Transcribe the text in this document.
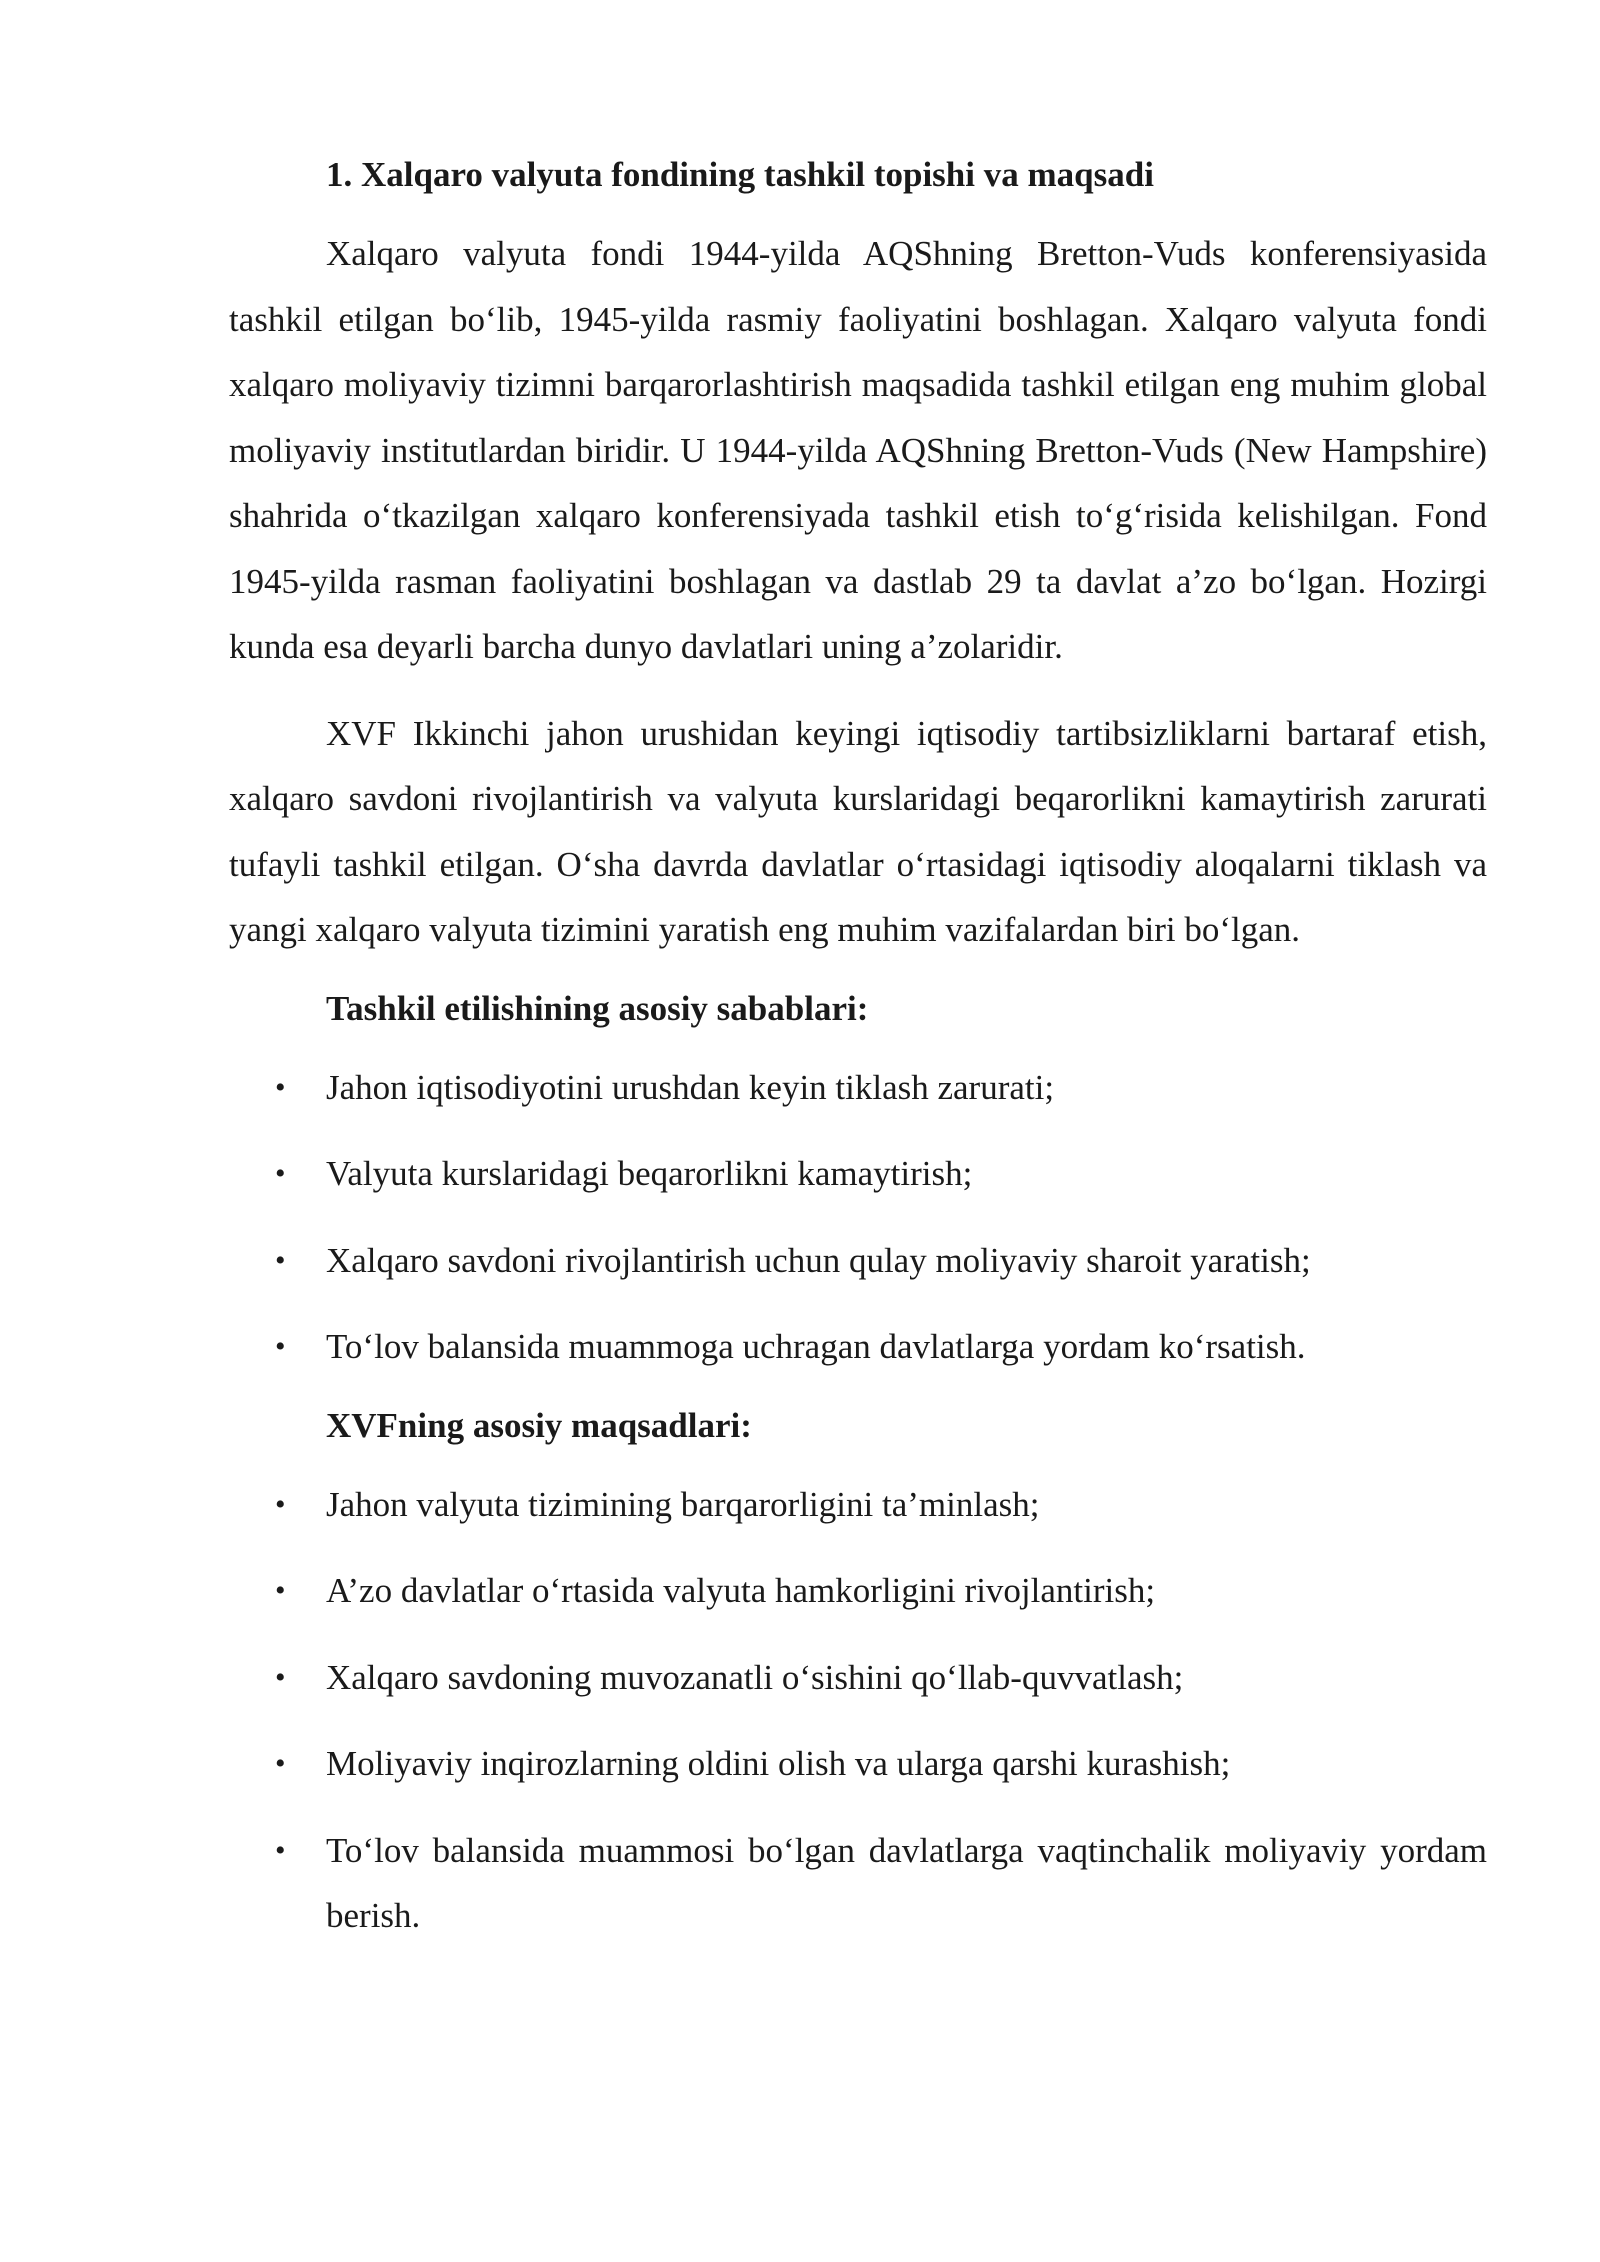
1. Xalqaro valyuta fondining tashkil topishi va maqsadi

Xalqaro valyuta fondi 1944-yilda AQShning Bretton-Vuds konferensiyasida tashkil etilgan bo‘lib, 1945-yilda rasmiy faoliyatini boshlagan. Xalqaro valyuta fondi xalqaro moliyaviy tizimni barqarorlashtirish maqsadida tashkil etilgan eng muhim global moliyaviy institutlardan biridir. U 1944-yilda AQShning Bretton-Vuds (New Hampshire) shahrida o‘tkazilgan xalqaro konferensiyada tashkil etish to‘g‘risida kelishilgan. Fond 1945-yilda rasman faoliyatini boshlagan va dastlab 29 ta davlat a’zo bo‘lgan. Hozirgi kunda esa deyarli barcha dunyo davlatlari uning a’zolaridir.

XVF Ikkinchi jahon urushidan keyingi iqtisodiy tartibsizliklarni bartaraf etish, xalqaro savdoni rivojlantirish va valyuta kurslaridagi beqarorlikni kamaytirish zarurati tufayli tashkil etilgan. O‘sha davrda davlatlar o‘rtasidagi iqtisodiy aloqalarni tiklash va yangi xalqaro valyuta tizimini yaratish eng muhim vazifalardan biri bo‘lgan.

Tashkil etilishining asosiy sabablari:
• Jahon iqtisodiyotini urushdan keyin tiklash zarurati;
• Valyuta kurslaridagi beqarorlikni kamaytirish;
• Xalqaro savdoni rivojlantirish uchun qulay moliyaviy sharoit yaratish;
• To‘lov balansida muammoga uchragan davlatlarga yordam ko‘rsatish.
XVFning asosiy maqsadlari:
• Jahon valyuta tizimining barqarorligini ta’minlash;
• A’zo davlatlar o‘rtasida valyuta hamkorligini rivojlantirish;
• Xalqaro savdoning muvozanatli o‘sishini qo‘llab-quvvatlash;
• Moliyaviy inqirozlarning oldini olish va ularga qarshi kurashish;
• To‘lov balansida muammosi bo‘lgan davlatlarga vaqtinchalik moliyaviy yordam berish.
